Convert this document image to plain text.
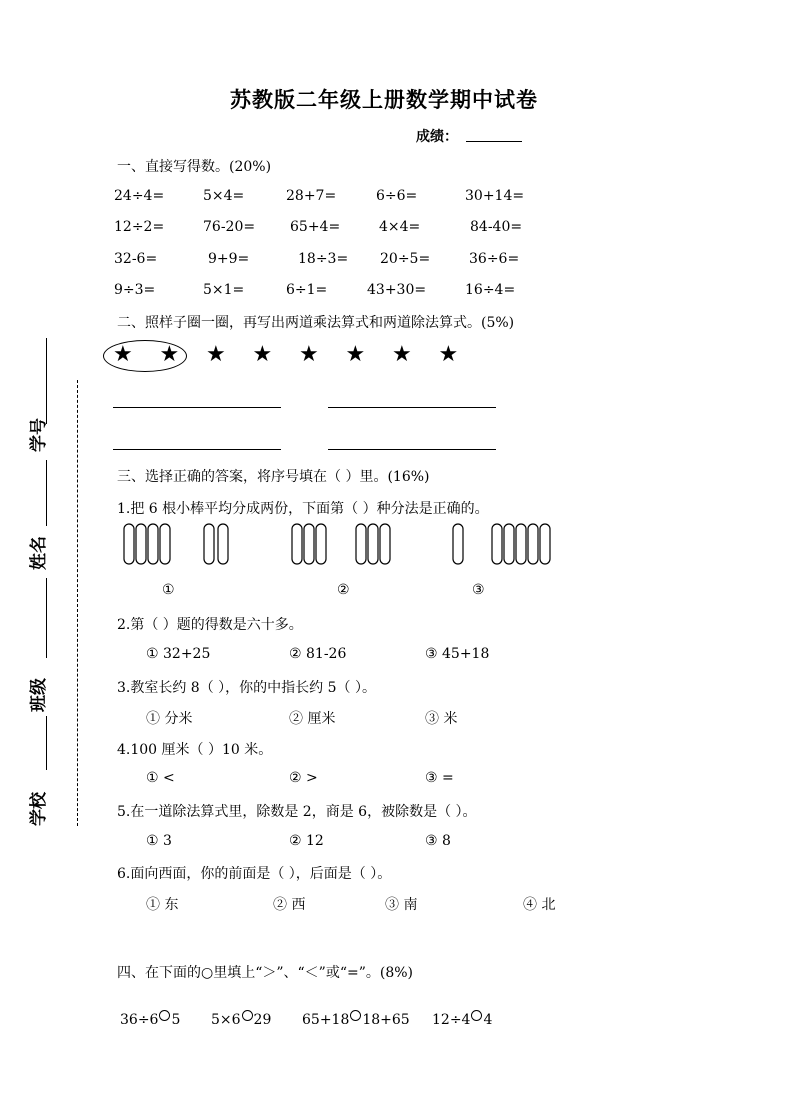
苏教版二年级上册数学期中试卷
成绩：
学号
姓名
班级
学校
一、直接写得数。(20%)
24÷4=	5×4=	28+7=	6÷6=	30+14=
12÷2=	76-20= 65+4=	4×4=	84-40=
32-6=	9+9=	18÷3= 20÷5=	36÷6=
9÷3=	5×1=	6÷1=	43+30=	16÷4=
二、照样子圈一圈，再写出两道乘法算式和两道除法算式。(5%)
★ ★ ★ ★ ★ ★ ★ ★
三、选择正确的答案，将序号填在（ ）里。(16%)
1.把 6 根小棒平均分成两份，下面第（ ）种分法是正确的。
①	②	③
2.第（ ）题的得数是六十多。
① 32+25	② 81-26	③ 45+18
3.教室长约 8（ ），你的中指长约 5（ ）。
① 分米	② 厘米	③ 米
4.100 厘米（ ）10 米。
① <	② >	③ =
5.在一道除法算式里，除数是 2，商是 6，被除数是（ ）。
① 3	② 12	③ 8
6.面向西面，你的前面是（ ），后面是（ ）。
① 东	② 西	③ 南	④ 北
四、在下面的○里填上“＞”、“＜”或“=”。(8%)
36÷6 5 5×6 29 65+18 18+65 12÷4 4
